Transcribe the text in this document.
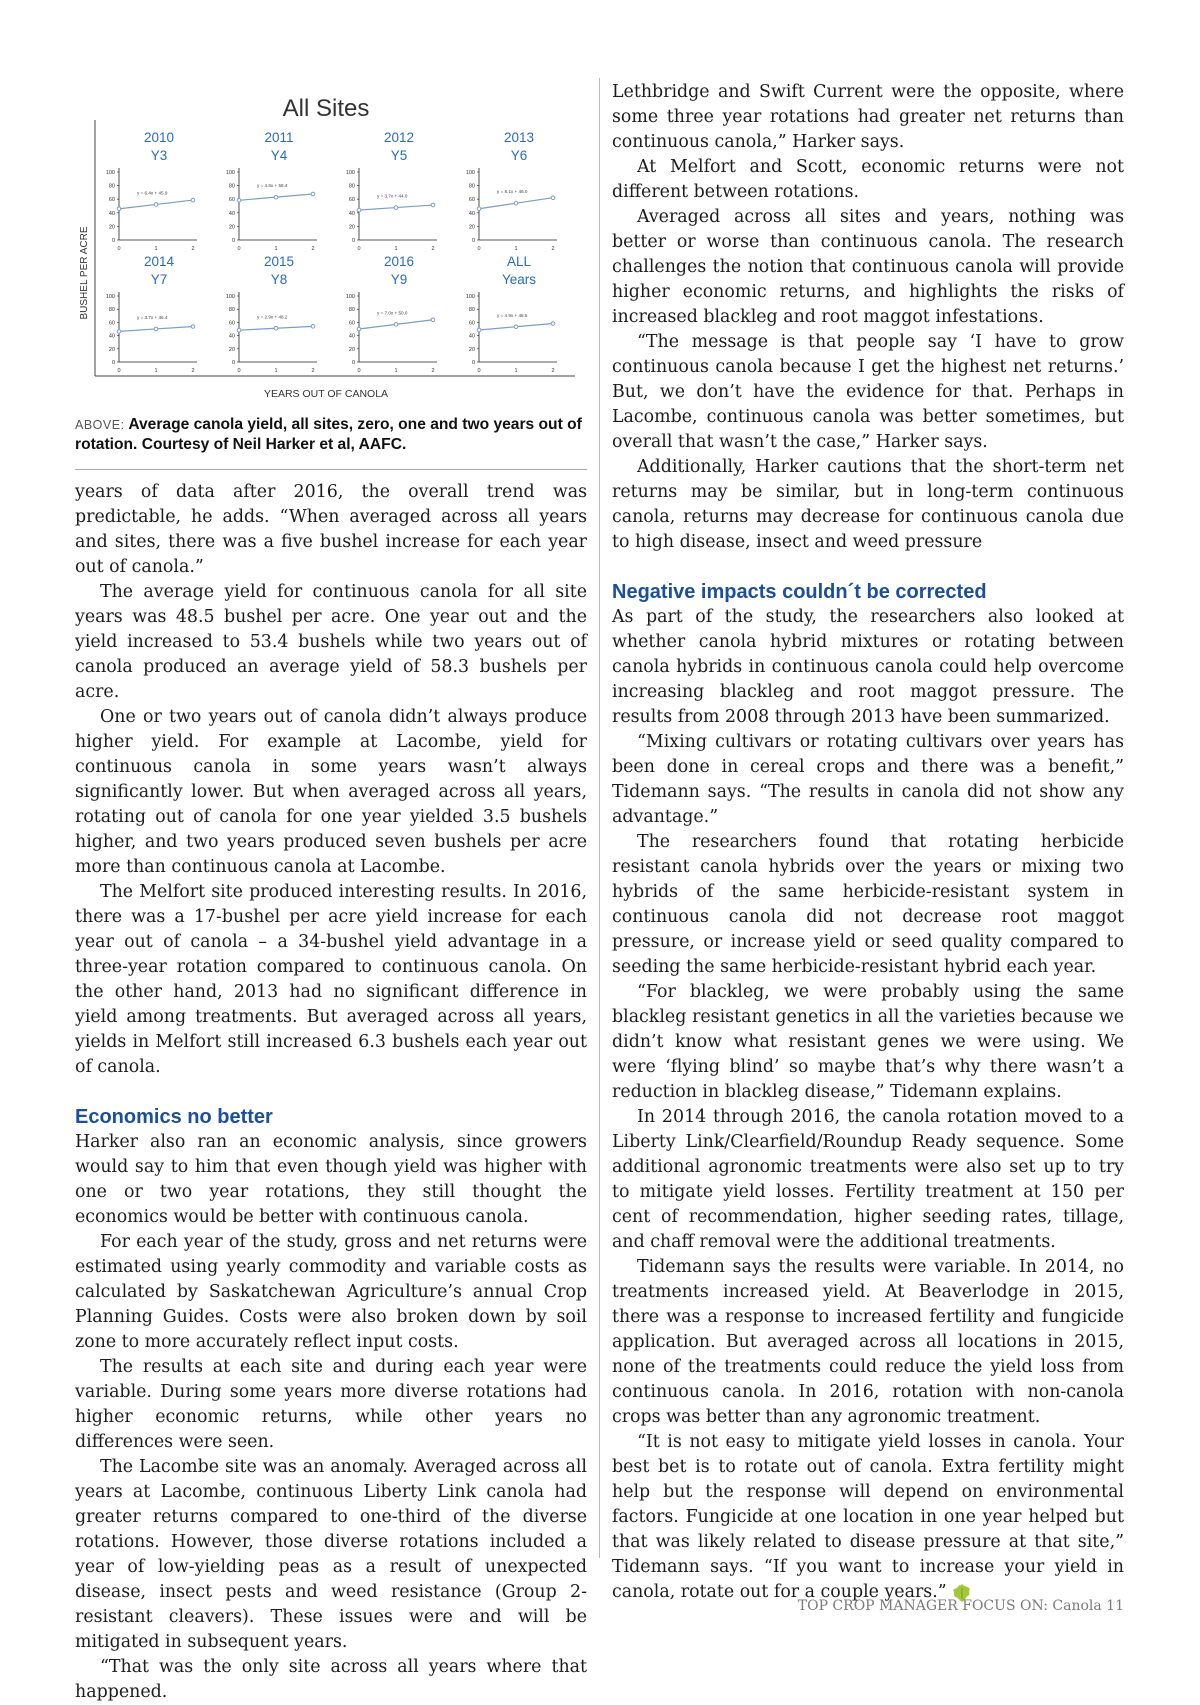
All Sites
BUSHEL PER ACRE
YEARS OUT OF CANOLA
2010
Y3
100
80
60
40
20
0
0	1	2
y = 6.4x + 45.9
2011
Y4
100
80
60
40
20
0
0	1	2
y = 4.6x + 58.4
2012
Y5
100
80
60
40
20
0
0	1	2
y = 3.7x + 44.0
2013
Y6
100
80
60
40
20
0
0	1	2
y = 8.1x + 46.0
2014
Y7
100
80
60
40
20
0
0	1	2
y = 3.7x + 46.4
2015
Y8
100
80
60
40
20
0
0	1	2
y = 2.9x + 48.2
2016
Y9
100
80
60
40
20
0
0	1	2
y = 7.0x + 50.0
ALL
Years
100
80
60
40
20
0
0	1	2
y = 4.9x + 48.5

ABOVE: Average canola yield, all sites, zero, one and two years out of rotation. Courtesy of Neil Harker et al, AAFC.

years of data after 2016, the overall trend was predictable, he adds. “When averaged across all years and sites, there was a five bushel increase for each year out of canola.”

The average yield for continuous canola for all site years was 48.5 bushel per acre. One year out and the yield increased to 53.4 bushels while two years out of canola produced an average yield of 58.3 bushels per acre.

One or two years out of canola didn’t always produce higher yield. For example at Lacombe, yield for continuous canola in some years wasn’t always significantly lower. But when averaged across all years, rotating out of canola for one year yielded 3.5 bushels higher, and two years produced seven bushels per acre more than continuous canola at Lacombe.

The Melfort site produced interesting results. In 2016, there was a 17-bushel per acre yield increase for each year out of canola – a 34-bushel yield advantage in a three-year rotation compared to continuous canola. On the other hand, 2013 had no significant difference in yield among treatments. But averaged across all years, yields in Melfort still increased 6.3 bushels each year out of canola.

Economics no better

Harker also ran an economic analysis, since growers would say to him that even though yield was higher with one or two year rotations, they still thought the economics would be better with continuous canola.

For each year of the study, gross and net returns were estimated using yearly commodity and variable costs as calculated by Saskatchewan Agriculture’s annual Crop Planning Guides. Costs were also broken down by soil zone to more accurately reflect input costs.

The results at each site and during each year were variable. During some years more diverse rotations had higher economic returns, while other years no differences were seen.

The Lacombe site was an anomaly. Averaged across all years at Lacombe, continuous Liberty Link canola had greater returns compared to one-third of the diverse rotations. However, those diverse rotations included a year of low-yielding peas as a result of unexpected disease, insect pests and weed resistance (Group 2-resistant cleavers). These issues were and will be mitigated in subsequent years.

“That was the only site across all years where that happened.

Lethbridge and Swift Current were the opposite, where some three year rotations had greater net returns than continuous canola,” Harker says.

At Melfort and Scott, economic returns were not different between rotations.

Averaged across all sites and years, nothing was better or worse than continuous canola. The research challenges the notion that continuous canola will provide higher economic returns, and highlights the risks of increased blackleg and root maggot infestations.

“The message is that people say ‘I have to grow continuous canola because I get the highest net returns.’ But, we don’t have the evidence for that. Perhaps in Lacombe, continuous canola was better sometimes, but overall that wasn’t the case,” Harker says.

Additionally, Harker cautions that the short-term net returns may be similar, but in long-term continuous canola, returns may decrease for continuous canola due to high disease, insect and weed pressure

Negative impacts couldn´t be corrected

As part of the study, the researchers also looked at whether canola hybrid mixtures or rotating between canola hybrids in continuous canola could help overcome increasing blackleg and root maggot pressure. The results from 2008 through 2013 have been summarized.

“Mixing cultivars or rotating cultivars over years has been done in cereal crops and there was a benefit,” Tidemann says. “The results in canola did not show any advantage.”

The researchers found that rotating herbicide resistant canola hybrids over the years or mixing two hybrids of the same herbicide-resistant system in continuous canola did not decrease root maggot pressure, or increase yield or seed quality compared to seeding the same herbicide-resistant hybrid each year.

“For blackleg, we were probably using the same blackleg resistant genetics in all the varieties because we didn’t know what resistant genes we were using. We were ‘flying blind’ so maybe that’s why there wasn’t a reduction in blackleg disease,” Tidemann explains.

In 2014 through 2016, the canola rotation moved to a Liberty Link/Clearfield/Roundup Ready sequence. Some additional agronomic treatments were also set up to try to mitigate yield losses. Fertility treatment at 150 per cent of recommendation, higher seeding rates, tillage, and chaff removal were the additional treatments.

Tidemann says the results were variable. In 2014, no treatments increased yield. At Beaverlodge in 2015, there was a response to increased fertility and fungicide application. But averaged across all locations in 2015, none of the treatments could reduce the yield loss from continuous canola. In 2016, rotation with non-canola crops was better than any agronomic treatment.

“It is not easy to mitigate yield losses in canola. Your best bet is to rotate out of canola. Extra fertility might help but the response will depend on environmental factors. Fungicide at one location in one year helped but that was likely related to disease pressure at that site,” Tidemann says. “If you want to increase your yield in canola, rotate out for a couple years.”

TOP CROP MANAGER FOCUS ON: Canola 11
